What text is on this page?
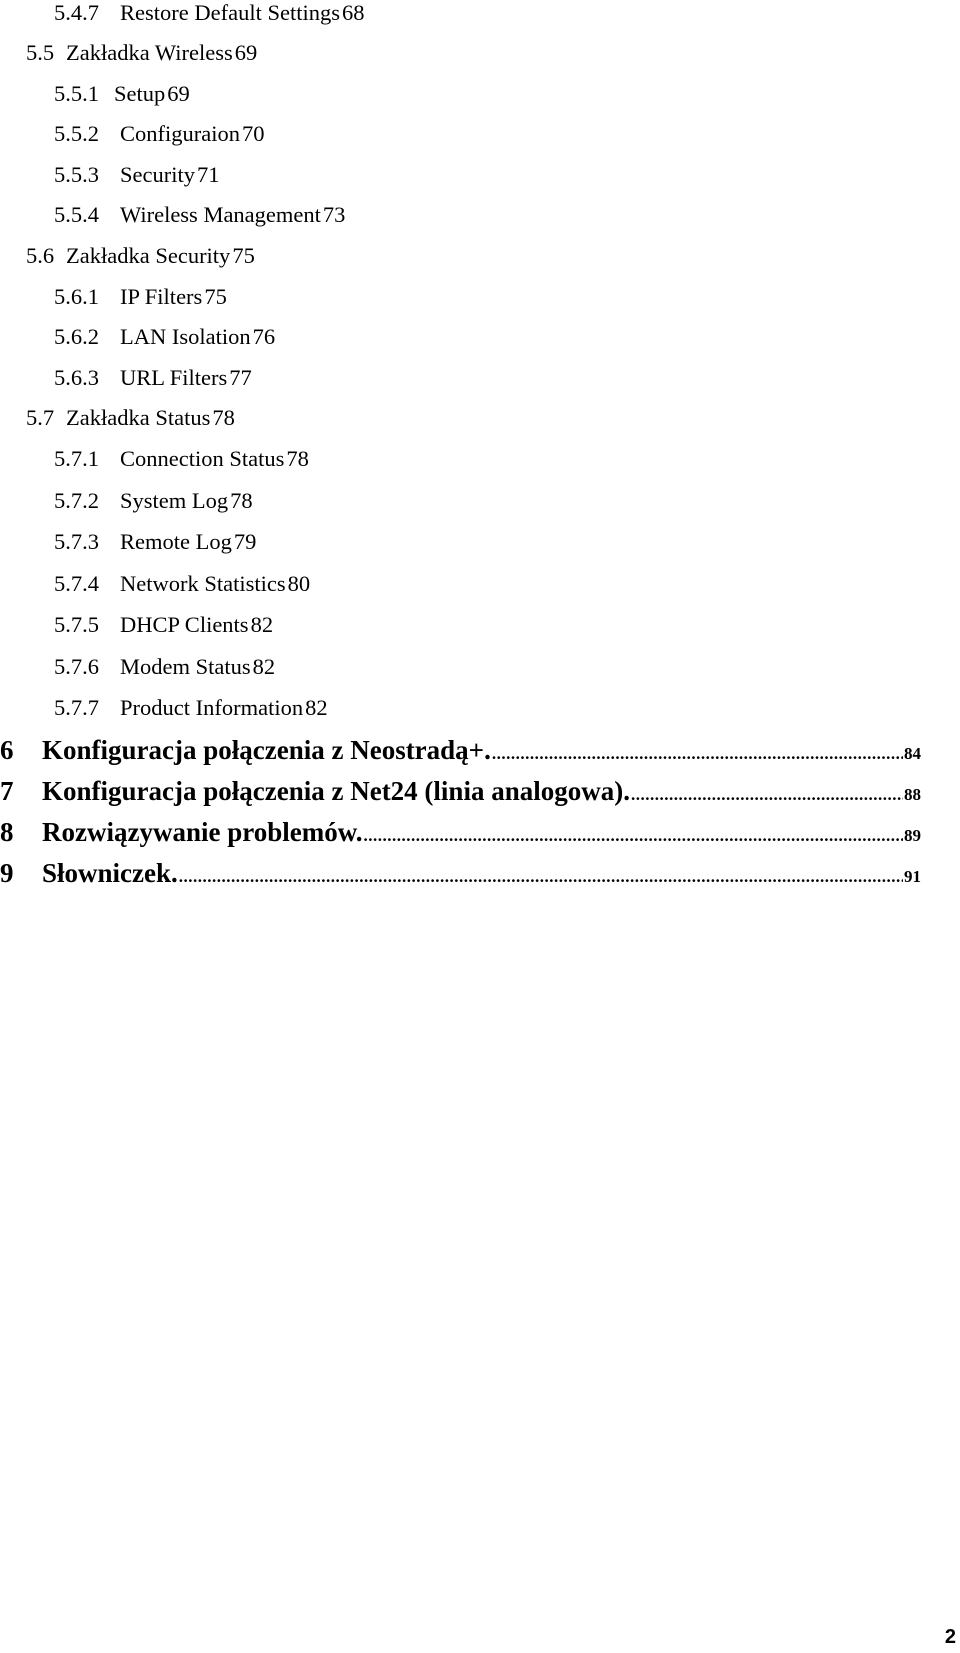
5.4.7 Restore Default Settings 68
5.5 Zakładka Wireless 69
5.5.1 Setup 69
5.5.2 Configuraion 70
5.5.3 Security 71
5.5.4 Wireless Management 73
5.6 Zakładka Security 75
5.6.1 IP Filters 75
5.6.2 LAN Isolation 76
5.6.3 URL Filters 77
5.7 Zakładka Status 78
5.7.1 Connection Status 78
5.7.2 System Log 78
5.7.3 Remote Log 79
5.7.4 Network Statistics 80
5.7.5 DHCP Clients 82
5.7.6 Modem Status 82
5.7.7 Product Information 82
6	Konfiguracja połączenia z Neostradą+. .....	84
7	Konfiguracja połączenia z Net24 (linia analogowa). .....	88
8	Rozwiązywanie problemów. .....	89
9	Słowniczek. .....	91
2
